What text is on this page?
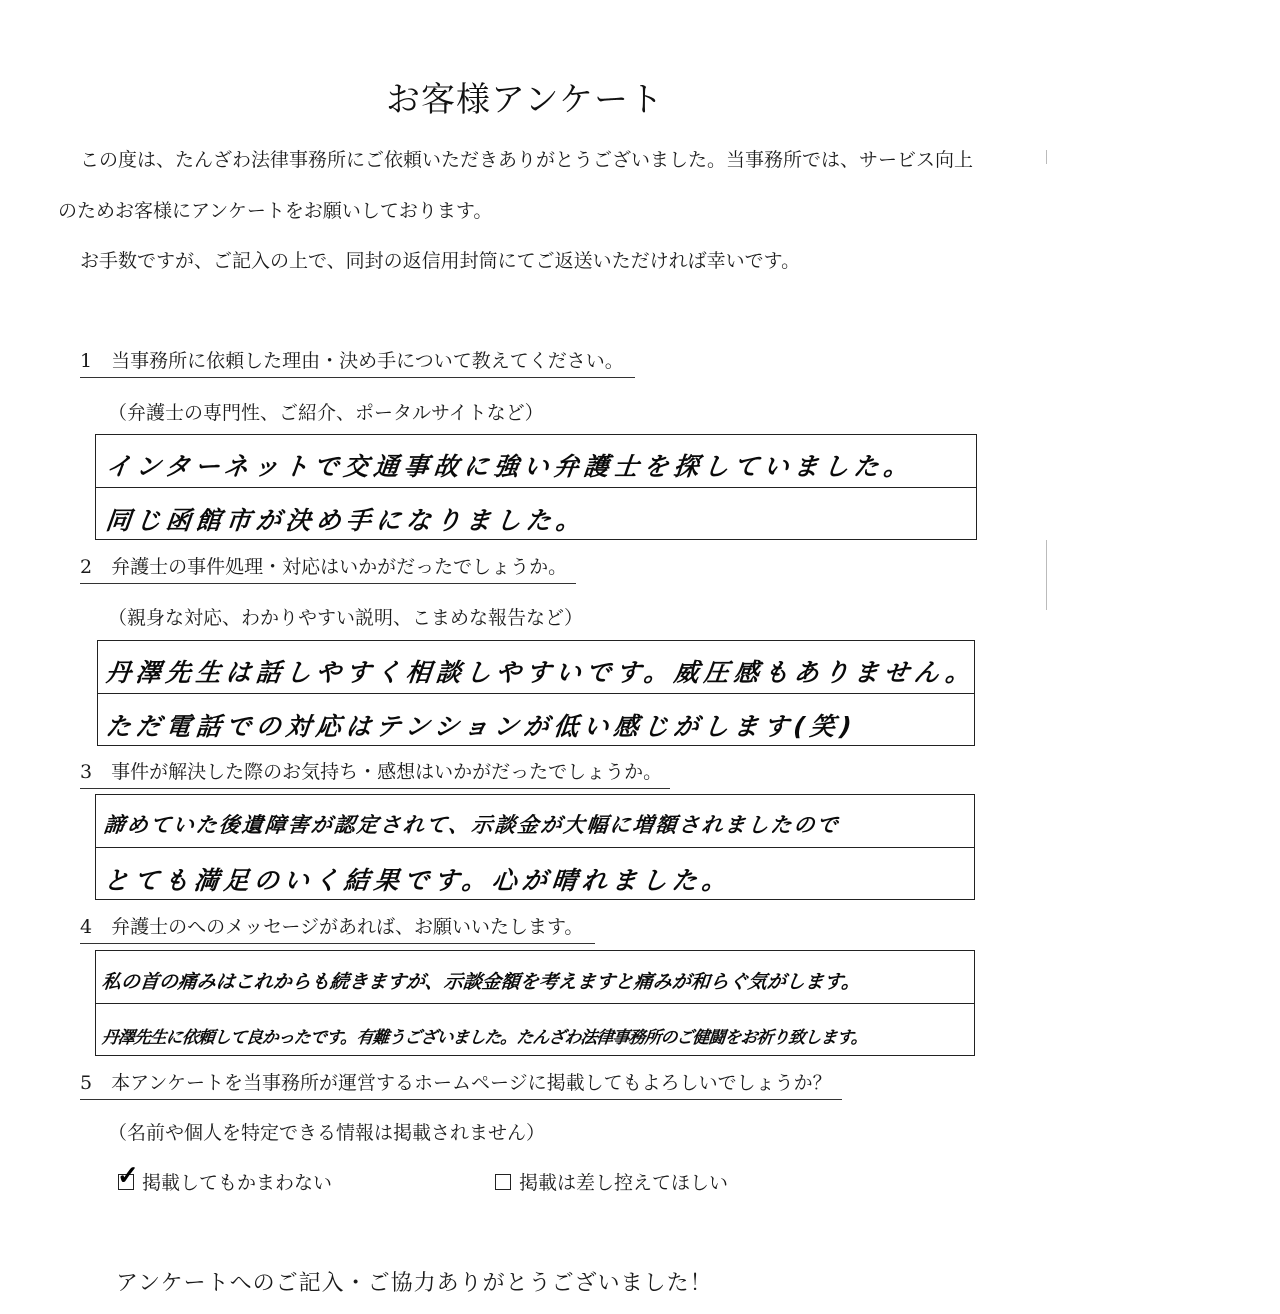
お客様アンケート
この度は、たんざわ法律事務所にご依頼いただきありがとうございました。当事務所では、サービス向上
のためお客様にアンケートをお願いしております。
お手数ですが、ご記入の上で、同封の返信用封筒にてご返送いただければ幸いです。
1　当事務所に依頼した理由・決め手について教えてください。
（弁護士の専門性、ご紹介、ポータルサイトなど）
インターネットで交通事故に強い弁護士を探していました。
同じ函館市が決め手になりました。
2　弁護士の事件処理・対応はいかがだったでしょうか。
（親身な対応、わかりやすい説明、こまめな報告など）
丹澤先生は話しやすく相談しやすいです。威圧感もありません。
ただ電話での対応はテンションが低い感じがします(笑)
3　事件が解決した際のお気持ち・感想はいかがだったでしょうか。
諦めていた後遺障害が認定されて、示談金が大幅に増額されましたので
とても満足のいく結果です。心が晴れました。
4　弁護士のへのメッセージがあれば、お願いいたします。
私の首の痛みはこれからも続きますが、示談金額を考えますと痛みが和らぐ気がします。
丹澤先生に依頼して良かったです。有難うございました。たんざわ法律事務所のご健闘をお祈り致します。
5　本アンケートを当事務所が運営するホームページに掲載してもよろしいでしょうか？
（名前や個人を特定できる情報は掲載されません）
✓ 掲載してもかまわない	掲載は差し控えてほしい
アンケートへのご記入・ご協力ありがとうございました！
